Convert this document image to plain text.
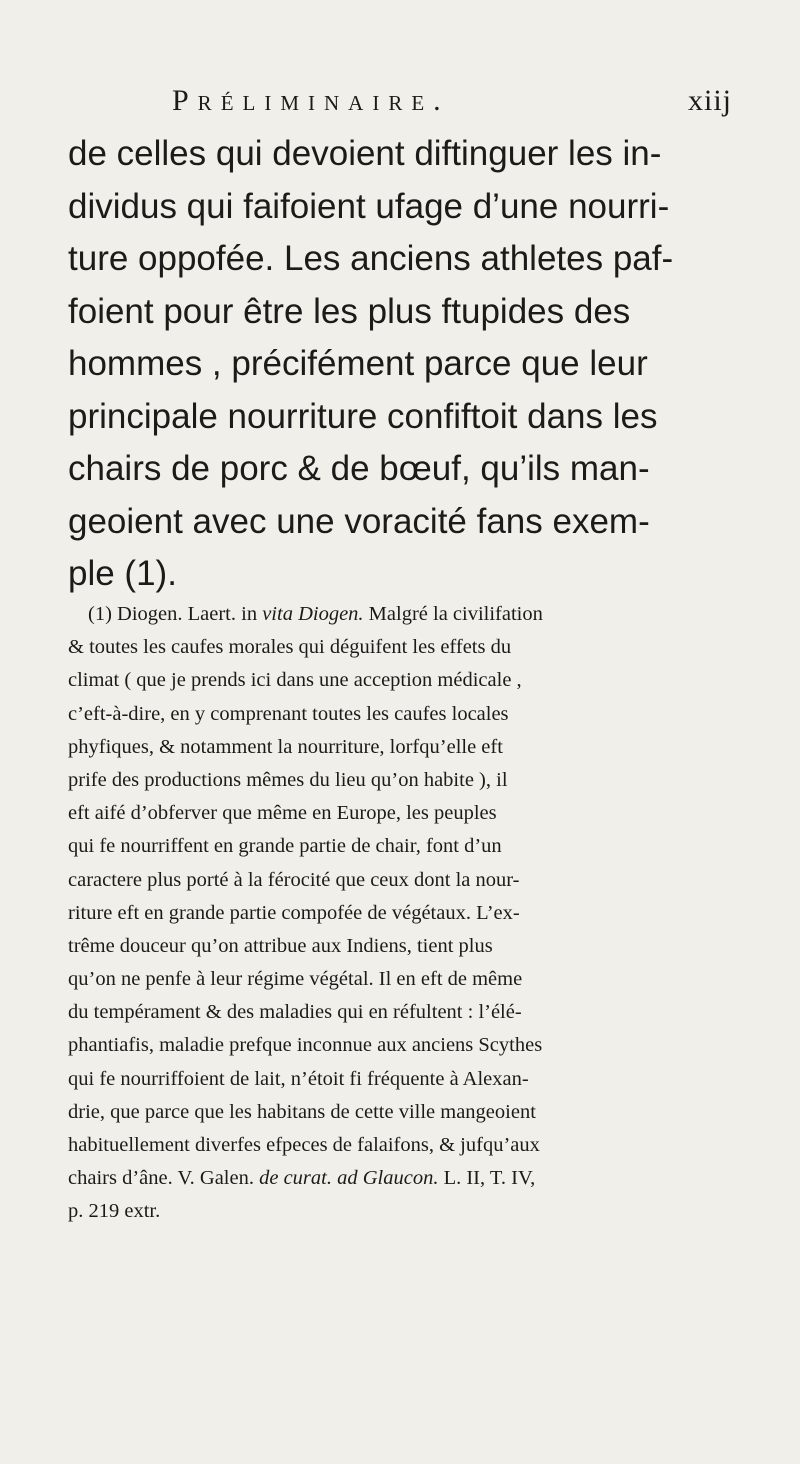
Préliminaire.	xiij
de celles qui devoient diftinguer les in-
dividus qui faifoient ufage d’une nourri-
ture oppofée. Les anciens athletes paf-
foient pour être les plus ftupides des
hommes , précifément parce que leur
principale nourriture confiftoit dans les
chairs de porc & de bœuf, qu’ils man-
geoient avec une voracité fans exem-
ple (1).
(1) Diogen. Laert. in vita Diogen. Malgré la civilifation
& toutes les caufes morales qui déguifent les effets du
climat ( que je prends ici dans une acception médicale ,
c’eft-à-dire, en y comprenant toutes les caufes locales
phyfiques, & notamment la nourriture, lorfqu’elle eft
prife des productions mêmes du lieu qu’on habite ), il
eft aifé d’obferver que même en Europe, les peuples
qui fe nourriffent en grande partie de chair, font d’un
caractere plus porté à la férocité que ceux dont la nour-
riture eft en grande partie compofée de végétaux. L’ex-
trême douceur qu’on attribue aux Indiens, tient plus
qu’on ne penfe à leur régime végétal. Il en eft de même
du tempérament & des maladies qui en réfultent : l’élé-
phantiafis, maladie prefque inconnue aux anciens Scythes
qui fe nourriffoient de lait, n’étoit fi fréquente à Alexan-
drie, que parce que les habitans de cette ville mangeoient
habituellement diverfes efpeces de falaifons, & jufqu’aux
chairs d’âne. V. Galen. de curat. ad Glaucon. L. II, T. IV,
p. 219 extr.
